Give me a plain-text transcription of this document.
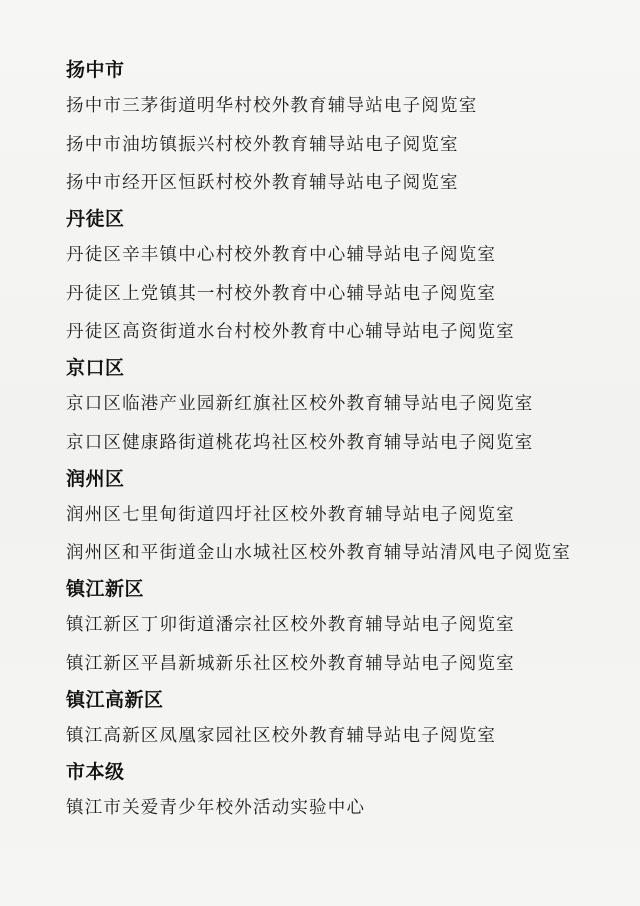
扬中市
扬中市三茅街道明华村校外教育辅导站电子阅览室
扬中市油坊镇振兴村校外教育辅导站电子阅览室
扬中市经开区恒跃村校外教育辅导站电子阅览室
丹徒区
丹徒区辛丰镇中心村校外教育中心辅导站电子阅览室
丹徒区上党镇其一村校外教育中心辅导站电子阅览室
丹徒区高资街道水台村校外教育中心辅导站电子阅览室
京口区
京口区临港产业园新红旗社区校外教育辅导站电子阅览室
京口区健康路街道桃花坞社区校外教育辅导站电子阅览室
润州区
润州区七里甸街道四圩社区校外教育辅导站电子阅览室
润州区和平街道金山水城社区校外教育辅导站清风电子阅览室
镇江新区
镇江新区丁卯街道潘宗社区校外教育辅导站电子阅览室
镇江新区平昌新城新乐社区校外教育辅导站电子阅览室
镇江高新区
镇江高新区凤凰家园社区校外教育辅导站电子阅览室
市本级
镇江市关爱青少年校外活动实验中心
